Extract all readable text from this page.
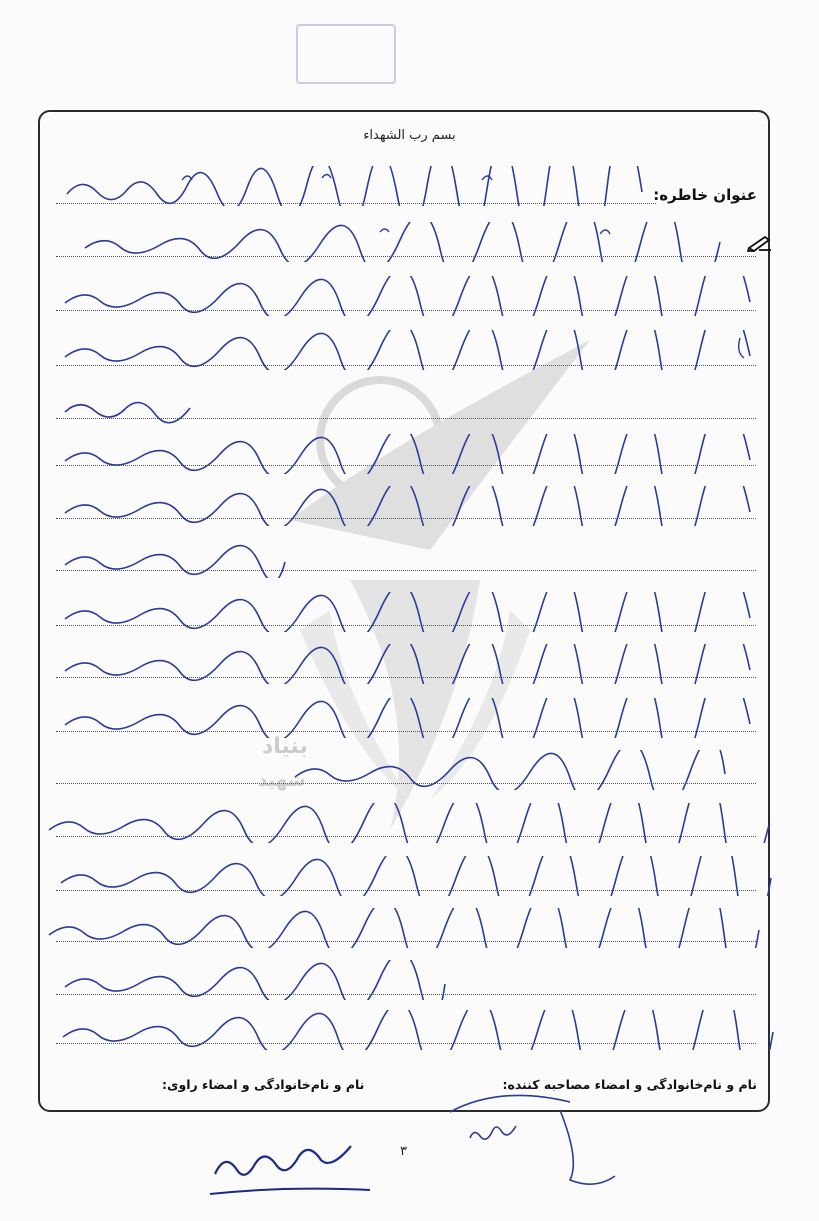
بنیاد
شهید
بسم رب الشهداء
عنوان خاطره:
نام و نام‌خانوادگی و امضاء راوی:	نام و نام‌خانوادگی و امضاء مصاحبه کننده:
۳
